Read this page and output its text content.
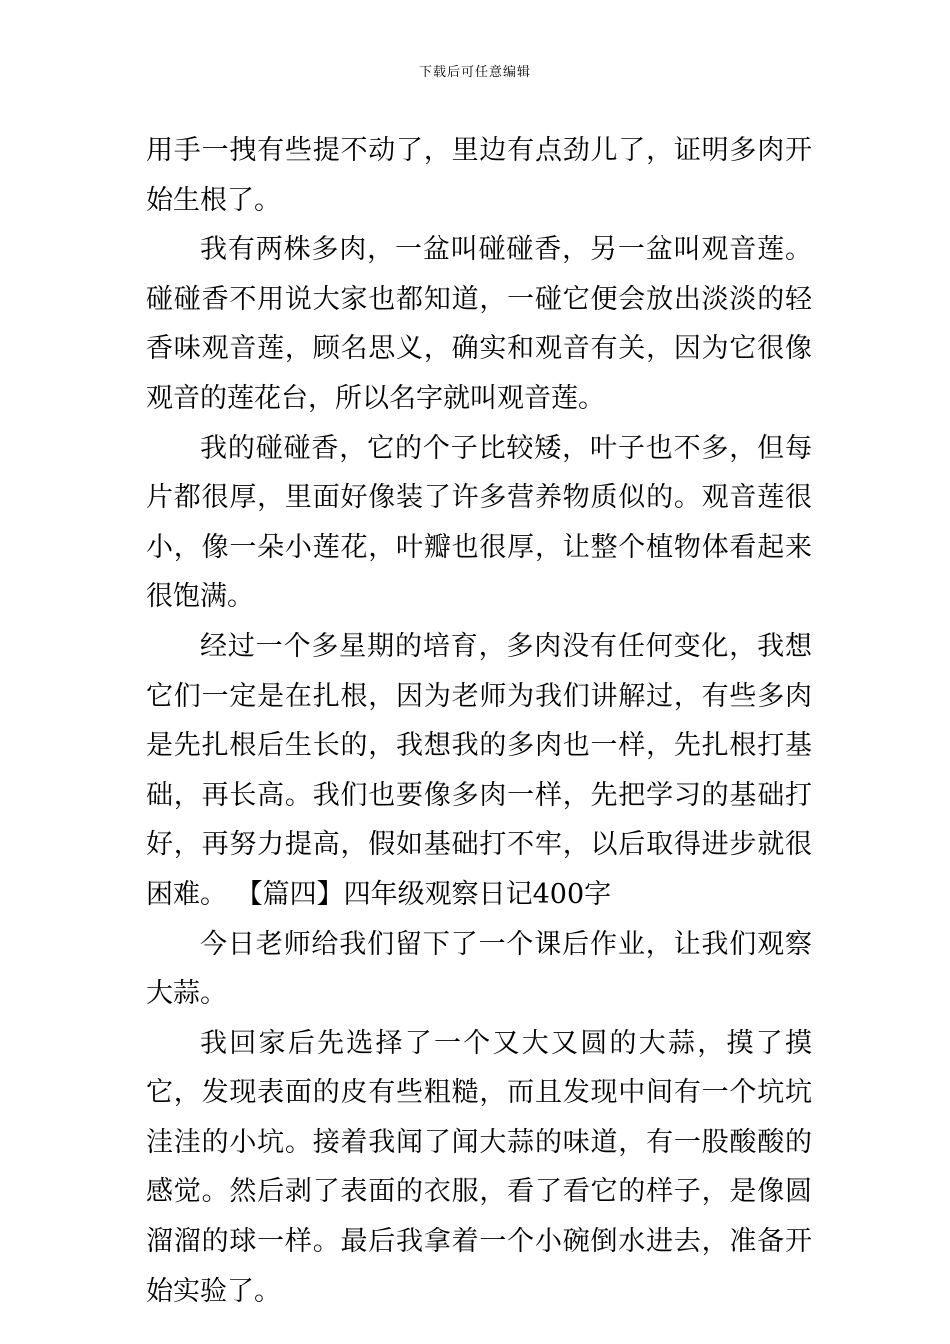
下载后可任意编辑

用手一拽有些提不动了，里边有点劲儿了，证明多肉开始生根了。

我有两株多肉，一盆叫碰碰香，另一盆叫观音莲。碰碰香不用说大家也都知道，一碰它便会放出淡淡的轻香味观音莲，顾名思义，确实和观音有关，因为它很像观音的莲花台，所以名字就叫观音莲。

我的碰碰香，它的个子比较矮，叶子也不多，但每片都很厚，里面好像装了许多营养物质似的。观音莲很小，像一朵小莲花，叶瓣也很厚，让整个植物体看起来很饱满。

经过一个多星期的培育，多肉没有任何变化，我想它们一定是在扎根，因为老师为我们讲解过，有些多肉是先扎根后生长的，我想我的多肉也一样，先扎根打基础，再长高。我们也要像多肉一样，先把学习的基础打好，再努力提高，假如基础打不牢，以后取得进步就很困难。 【篇四】四年级观察日记400字

今日老师给我们留下了一个课后作业，让我们观察大蒜。

我回家后先选择了一个又大又圆的大蒜，摸了摸它，发现表面的皮有些粗糙，而且发现中间有一个坑坑洼洼的小坑。接着我闻了闻大蒜的味道，有一股酸酸的感觉。然后剥了表面的衣服，看了看它的样子，是像圆溜溜的球一样。最后我拿着一个小碗倒水进去，准备开始实验了。
